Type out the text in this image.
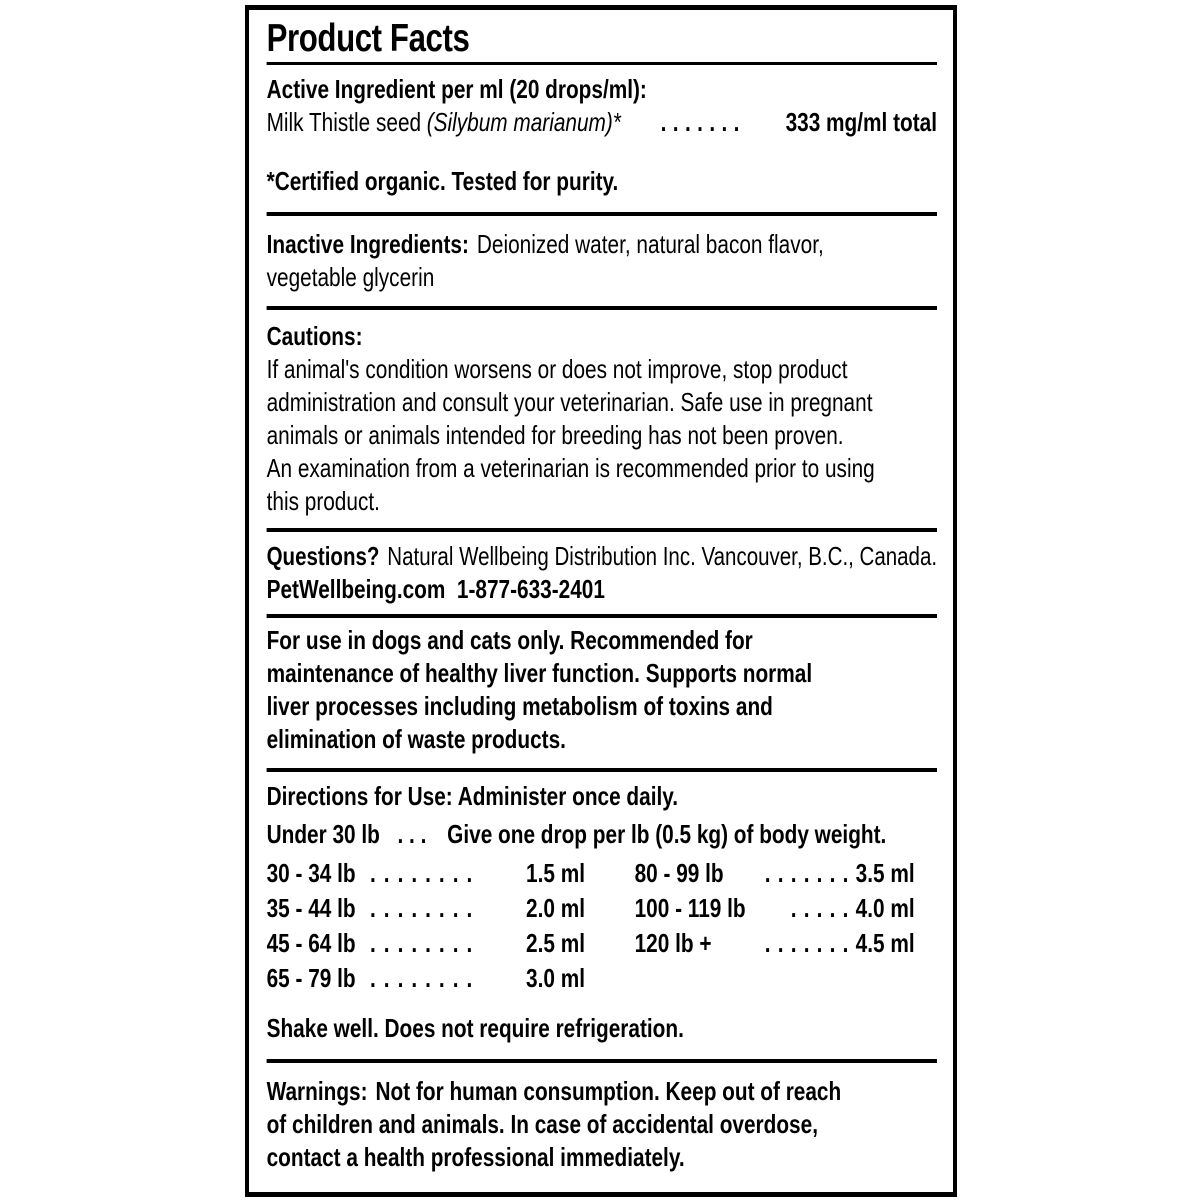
Product Facts
Active Ingredient per ml (20 drops/ml):
Milk Thistle seed (Silybum marianum)* ....... 333 mg/ml total
*Certified organic. Tested for purity.
Inactive Ingredients: Deionized water, natural bacon flavor,
vegetable glycerin
Cautions:
If animal's condition worsens or does not improve, stop product
administration and consult your veterinarian. Safe use in pregnant
animals or animals intended for breeding has not been proven.
An examination from a veterinarian is recommended prior to using
this product.
Questions? Natural Wellbeing Distribution Inc. Vancouver, B.C., Canada.
PetWellbeing.com  1-877-633-2401
For use in dogs and cats only. Recommended for
maintenance of healthy liver function. Supports normal
liver processes including metabolism of toxins and
elimination of waste products.
Directions for Use: Administer once daily.
Under 30 lb . . . Give one drop per lb (0.5 kg) of body weight.
30 - 34 lb ........ 1.5 ml
35 - 44 lb ........ 2.0 ml
45 - 64 lb ........ 2.5 ml
65 - 79 lb ........ 3.0 ml
80 - 99 lb ....... 3.5 ml
100 - 119 lb ..... 4.0 ml
120 lb + ....... 4.5 ml
Shake well. Does not require refrigeration.
Warnings: Not for human consumption. Keep out of reach
of children and animals. In case of accidental overdose,
contact a health professional immediately.
